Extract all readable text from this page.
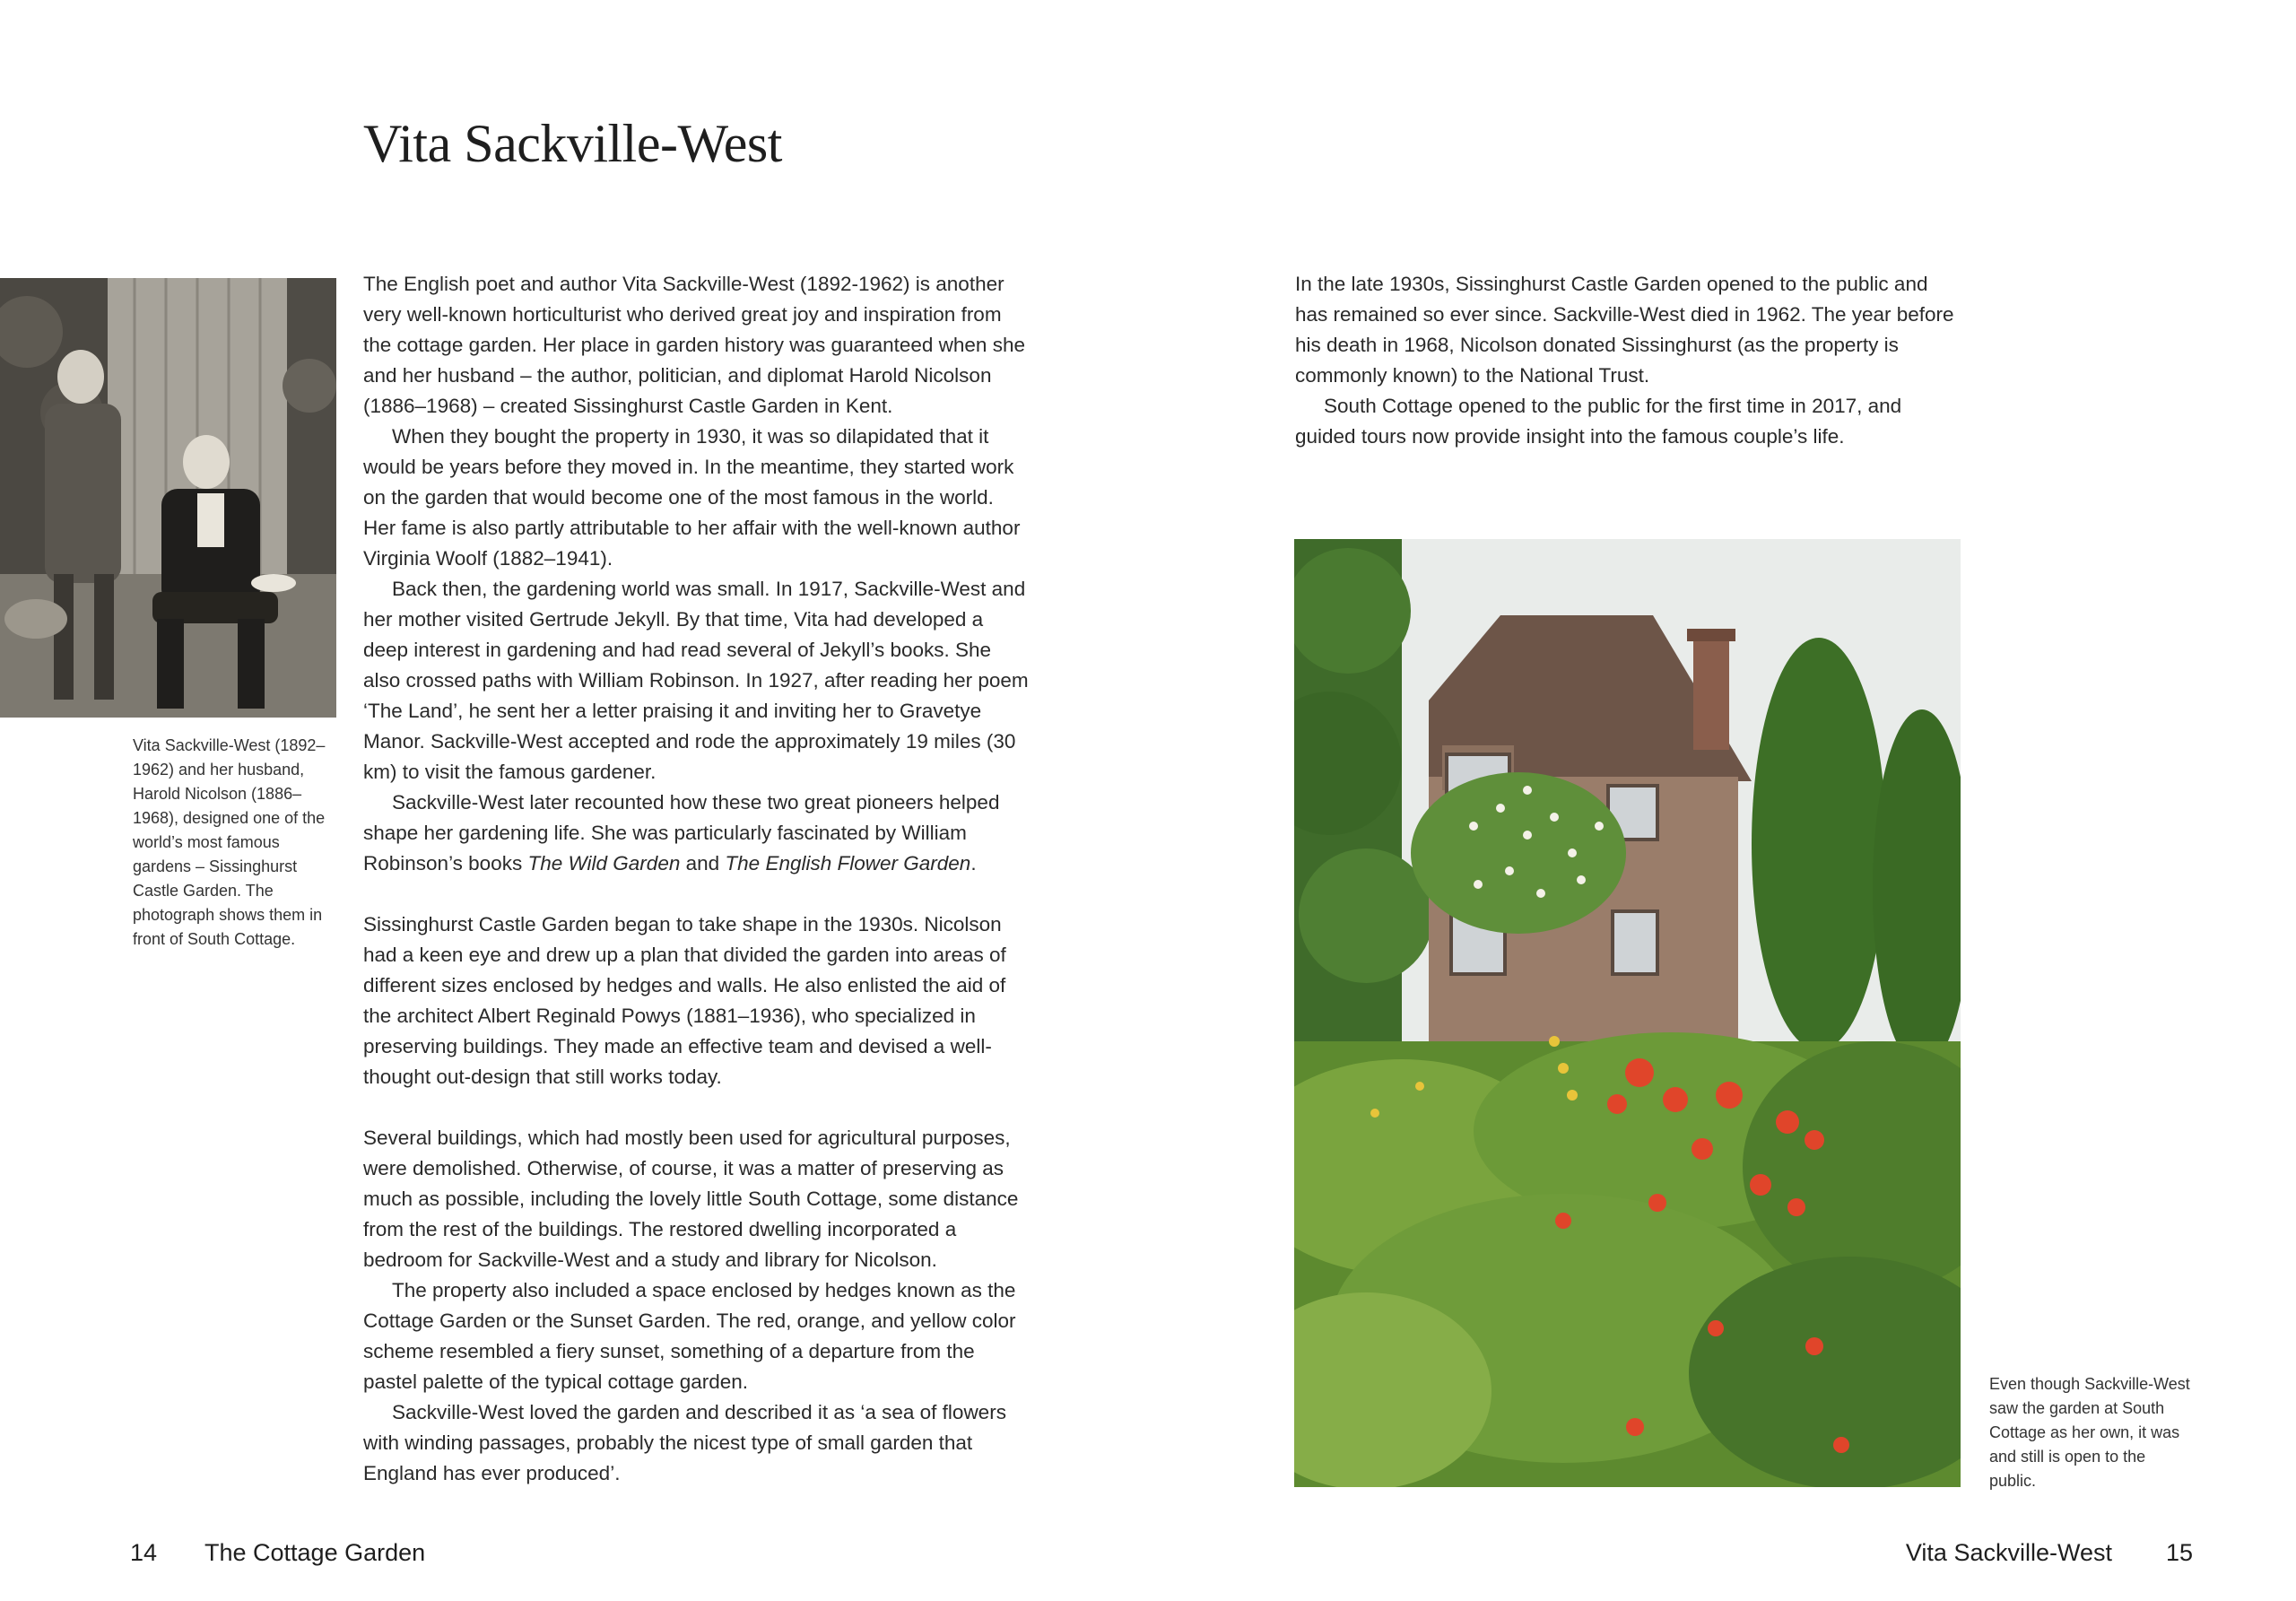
Vita Sackville-West
Vita Sackville-West (1892–1962) and her husband, Harold Nicolson (1886–1968), designed one of the world’s most famous gardens – Sissinghurst Castle Garden. The photograph shows them in front of South Cottage.

The English poet and author Vita Sackville-West (1892-1962) is another very well-known horticulturist who derived great joy and inspiration from the cottage garden. Her place in garden history was guaranteed when she and her husband – the author, politician, and diplomat Harold Nicolson (1886–1968) – created Sissinghurst Castle Garden in Kent.

When they bought the property in 1930, it was so dilapidated that it would be years before they moved in. In the meantime, they started work on the garden that would become one of the most famous in the world. Her fame is also partly attributable to her affair with the well-known author Virginia Woolf (1882–1941).

Back then, the gardening world was small. In 1917, Sackville-West and her mother visited Gertrude Jekyll. By that time, Vita had developed a deep interest in gardening and had read several of Jekyll’s books. She also crossed paths with William Robinson. In 1927, after reading her poem ‘The Land’, he sent her a letter praising it and inviting her to Gravetye Manor. Sackville-West accepted and rode the approximately 19 miles (30 km) to visit the famous gardener.

Sackville-West later recounted how these two great pioneers helped shape her gardening life. She was particularly fascinated by William Robinson’s books The Wild Garden and The English Flower Garden.

Sissinghurst Castle Garden began to take shape in the 1930s. Nicolson had a keen eye and drew up a plan that divided the garden into areas of different sizes enclosed by hedges and walls. He also enlisted the aid of the architect Albert Reginald Powys (1881–1936), who specialized in preserving buildings. They made an effective team and devised a well-thought out-design that still works today.

Several buildings, which had mostly been used for agricultural purposes, were demolished. Otherwise, of course, it was a matter of preserving as much as possible, including the lovely little South Cottage, some distance from the rest of the buildings. The restored dwelling incorporated a bedroom for Sackville-West and a study and library for Nicolson.

The property also included a space enclosed by hedges known as the Cottage Garden or the Sunset Garden. The red, orange, and yellow color scheme resembled a fiery sunset, something of a departure from the pastel palette of the typical cottage garden.

Sackville-West loved the garden and described it as ‘a sea of flowers with winding passages, probably the nicest type of small garden that England has ever produced’.

In the late 1930s, Sissinghurst Castle Garden opened to the public and has remained so ever since. Sackville-West died in 1962. The year before his death in 1968, Nicolson donated Sissinghurst (as the property is commonly known) to the National Trust.

South Cottage opened to the public for the first time in 2017, and guided tours now provide insight into the famous couple’s life.

Even though Sackville-West saw the garden at South Cottage as her own, it was and still is open to the public.
14 The Cottage Garden	Vita Sackville-West 15
